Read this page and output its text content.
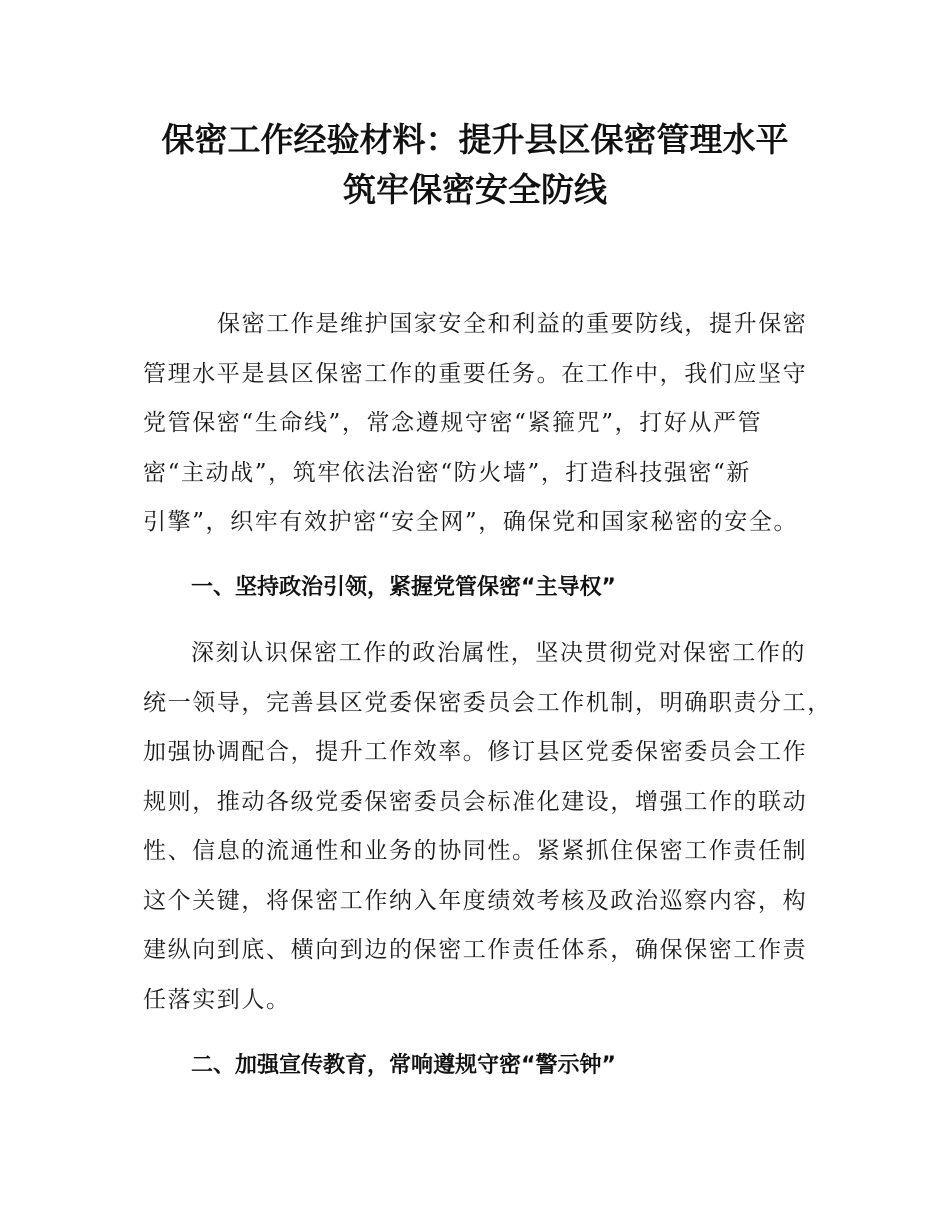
保密工作经验材料：提升县区保密管理水平
筑牢保密安全防线

保密工作是维护国家安全和利益的重要防线，提升保密
管理水平是县区保密工作的重要任务。在工作中，我们应坚守
党管保密“生命线”，常念遵规守密“紧箍咒”，打好从严管
密“主动战”，筑牢依法治密“防火墙”，打造科技强密“新
引擎”，织牢有效护密“安全网”，确保党和国家秘密的安全。

一、坚持政治引领，紧握党管保密“主导权”

深刻认识保密工作的政治属性，坚决贯彻党对保密工作的
统一领导，完善县区党委保密委员会工作机制，明确职责分工，
加强协调配合，提升工作效率。修订县区党委保密委员会工作
规则，推动各级党委保密委员会标准化建设，增强工作的联动
性、信息的流通性和业务的协同性。紧紧抓住保密工作责任制
这个关键，将保密工作纳入年度绩效考核及政治巡察内容，构
建纵向到底、横向到边的保密工作责任体系，确保保密工作责
任落实到人。

二、加强宣传教育，常响遵规守密“警示钟”
